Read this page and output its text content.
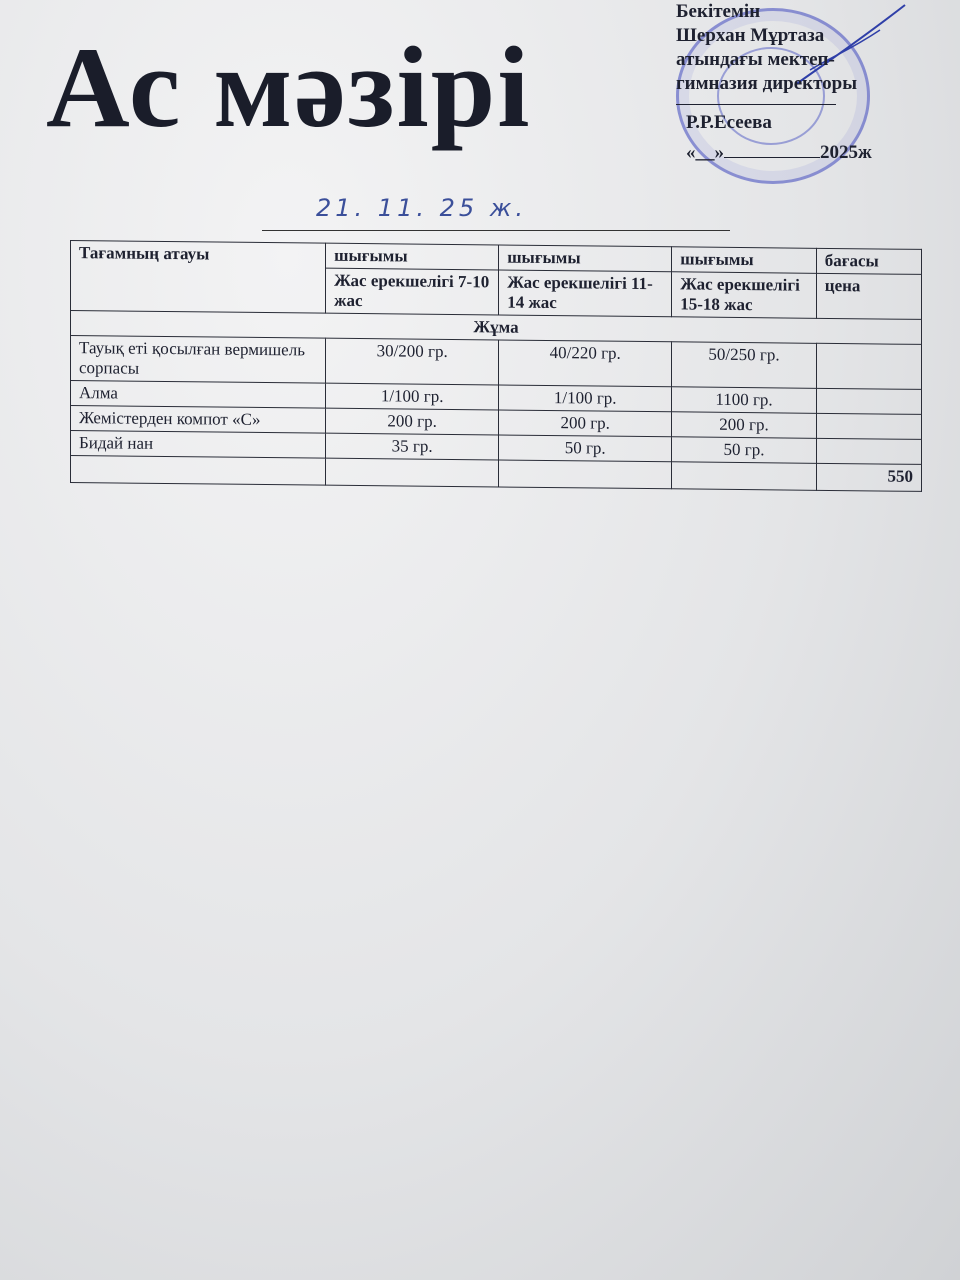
Ас мәзірі
Бекітемін
Шерхан Мұртаза
атындағы мектеп-
гимназия директоры
Р.Р.Есеева
«__»	2025ж
21. 11. 25 ж.
Тағамның атауы	шығымы	шығымы	шығымы	бағасы
	Жас ерекшелігі 7-10 жас	Жас ерекшелігі 11-14 жас	Жас ерекшелігі 15-18 жас	цена
Жұма				
Тауық еті қосылған вермишель сорпасы	30/200 гр.	40/220 гр.	50/250 гр.	
Алма	1/100 гр.	1/100 гр.	1100 гр.	
Жемістерден компот «С»	200 гр.	200 гр.	200 гр.	
Бидай нан	35 гр.	50 гр.	50 гр.	
				550
